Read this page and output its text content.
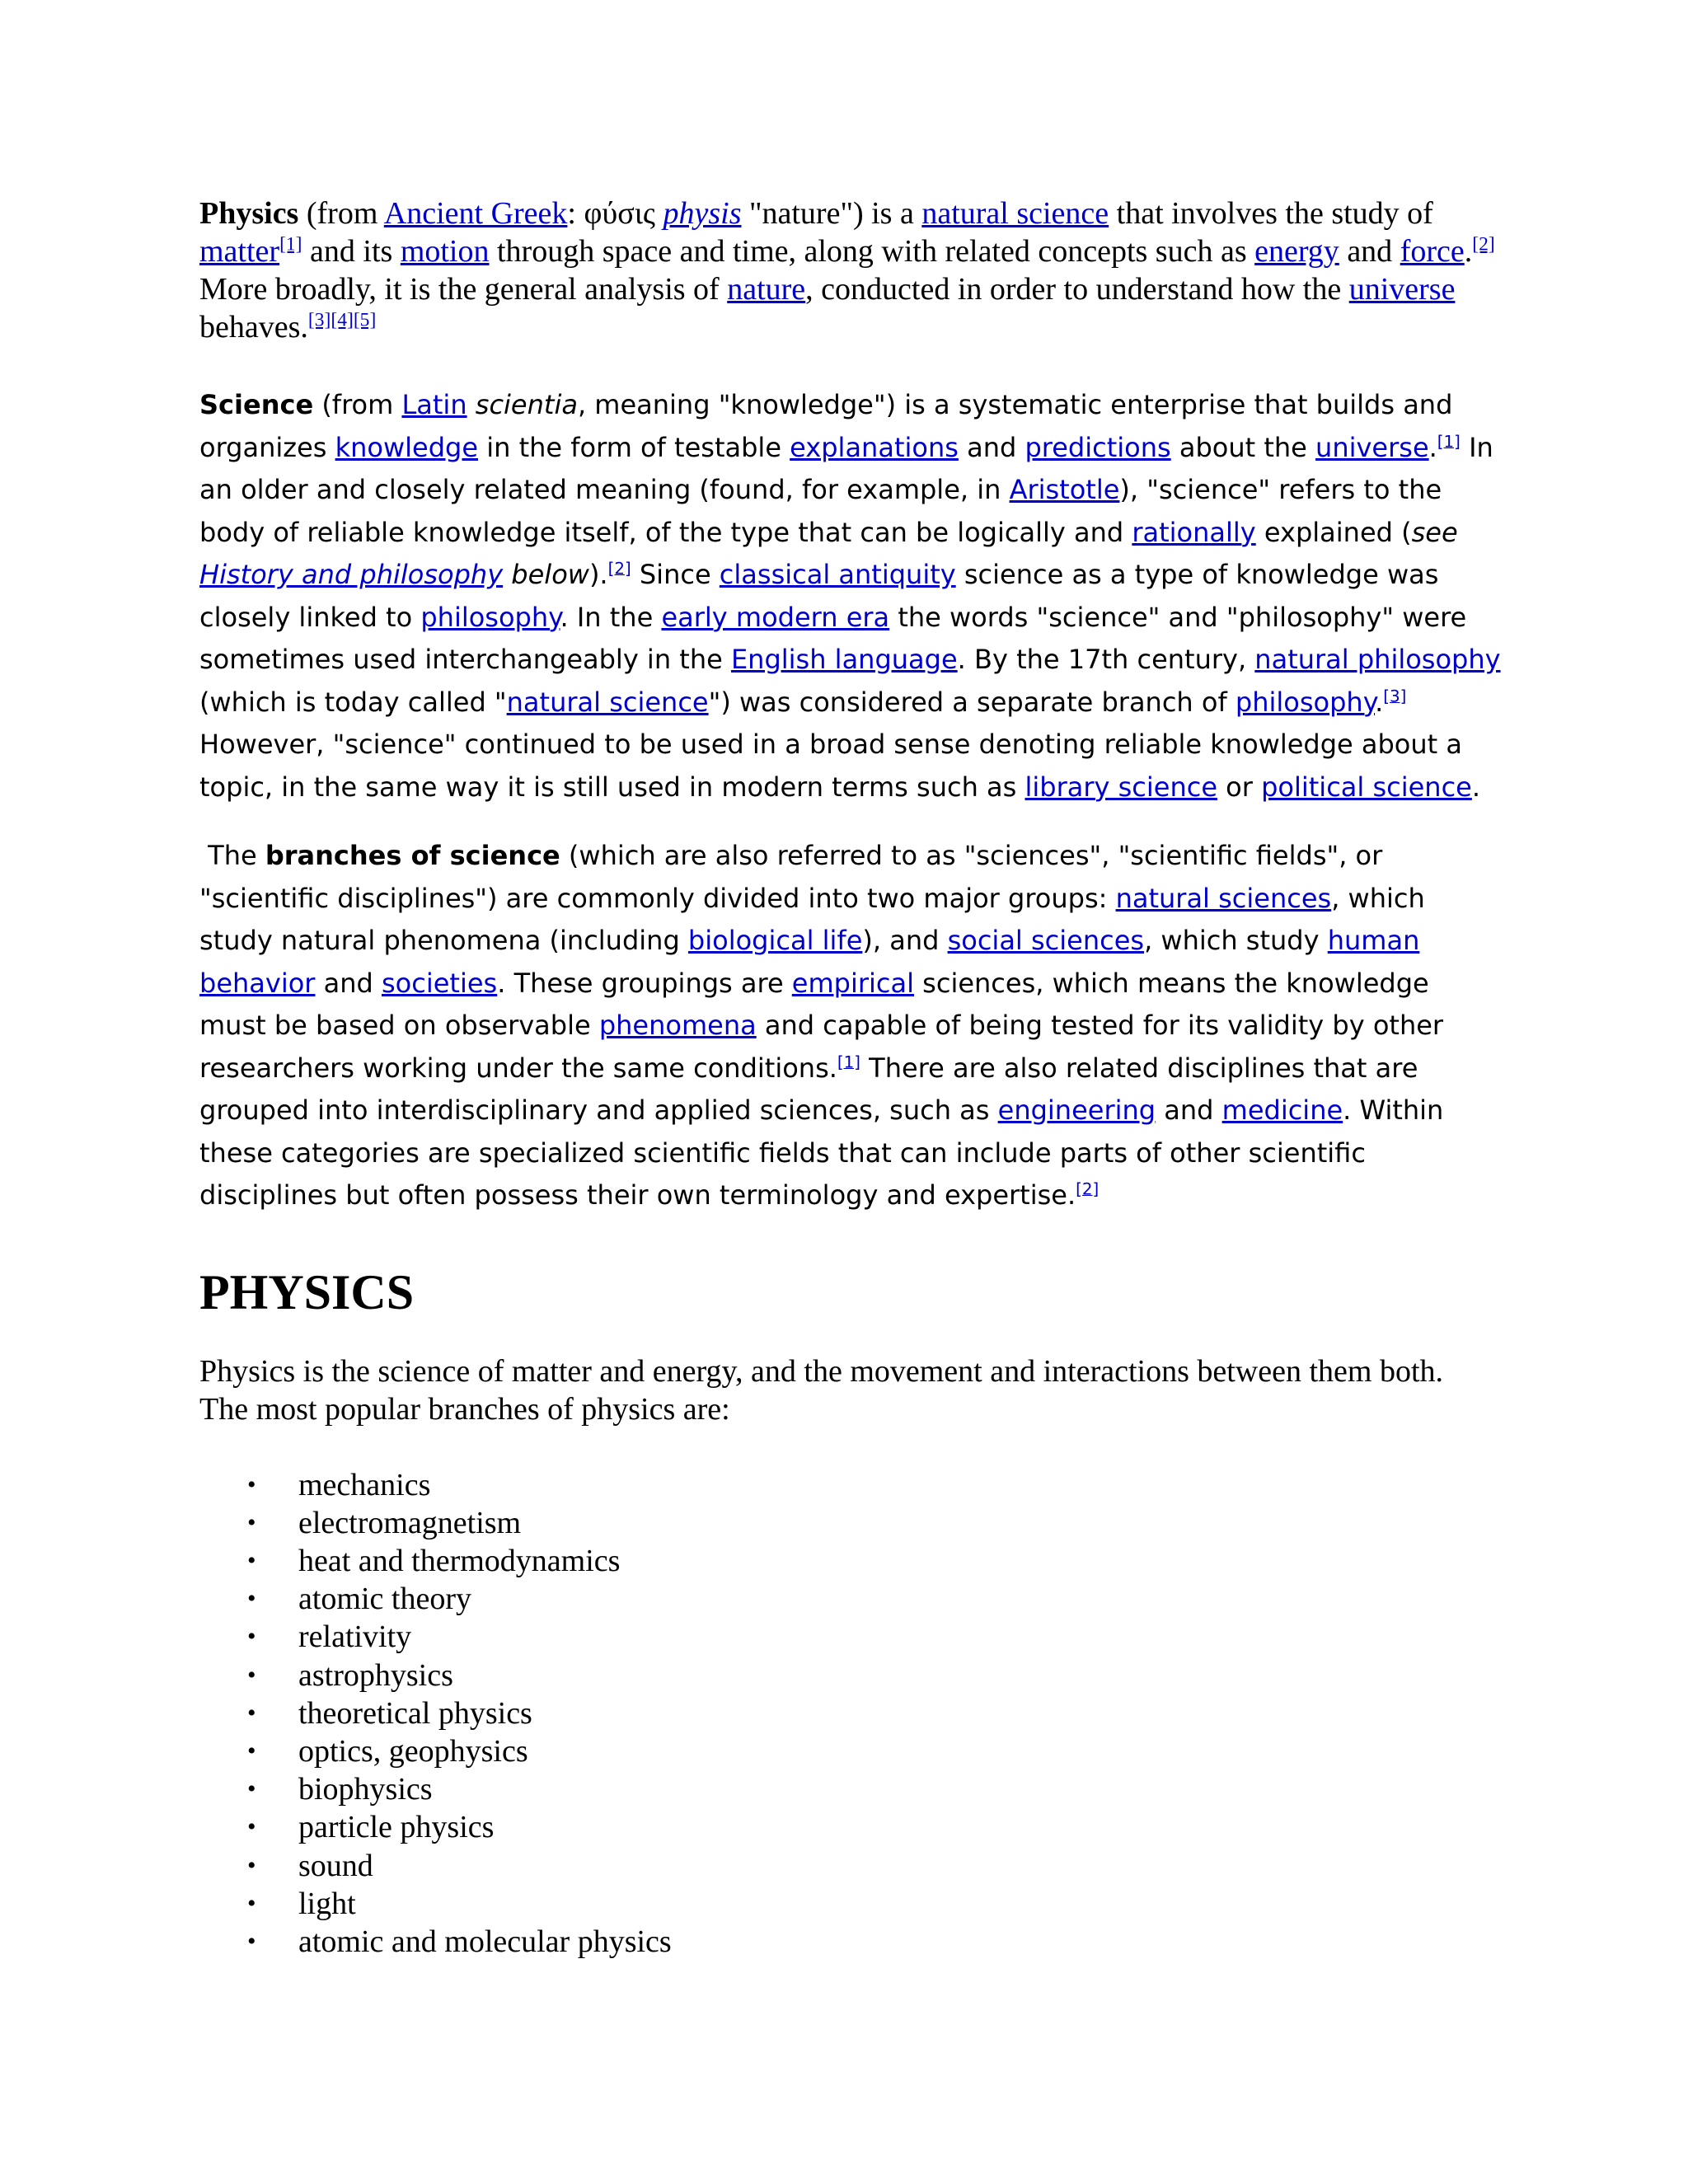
Physics (from Ancient Greek: φύσις physis "nature") is a natural science that involves the study of matter[1] and its motion through space and time, along with related concepts such as energy and force.[2] More broadly, it is the general analysis of nature, conducted in order to understand how the universe behaves.[3][4][5]

Science (from Latin scientia, meaning "knowledge") is a systematic enterprise that builds and organizes knowledge in the form of testable explanations and predictions about the universe.[1] In an older and closely related meaning (found, for example, in Aristotle), "science" refers to the body of reliable knowledge itself, of the type that can be logically and rationally explained (see History and philosophy below).[2] Since classical antiquity science as a type of knowledge was closely linked to philosophy. In the early modern era the words "science" and "philosophy" were sometimes used interchangeably in the English language. By the 17th century, natural philosophy (which is today called "natural science") was considered a separate branch of philosophy.[3] However, "science" continued to be used in a broad sense denoting reliable knowledge about a topic, in the same way it is still used in modern terms such as library science or political science.

The branches of science (which are also referred to as "sciences", "scientific fields", or "scientific disciplines") are commonly divided into two major groups: natural sciences, which study natural phenomena (including biological life), and social sciences, which study human behavior and societies. These groupings are empirical sciences, which means the knowledge must be based on observable phenomena and capable of being tested for its validity by other researchers working under the same conditions.[1] There are also related disciplines that are grouped into interdisciplinary and applied sciences, such as engineering and medicine. Within these categories are specialized scientific fields that can include parts of other scientific disciplines but often possess their own terminology and expertise.[2]

PHYSICS

Physics is the science of matter and energy, and the movement and interactions between them both.
The most popular branches of physics are:

• mechanics
• electromagnetism
• heat and thermodynamics
• atomic theory
• relativity
• astrophysics
• theoretical physics
• optics, geophysics
• biophysics
• particle physics
• sound
• light
• atomic and molecular physics
